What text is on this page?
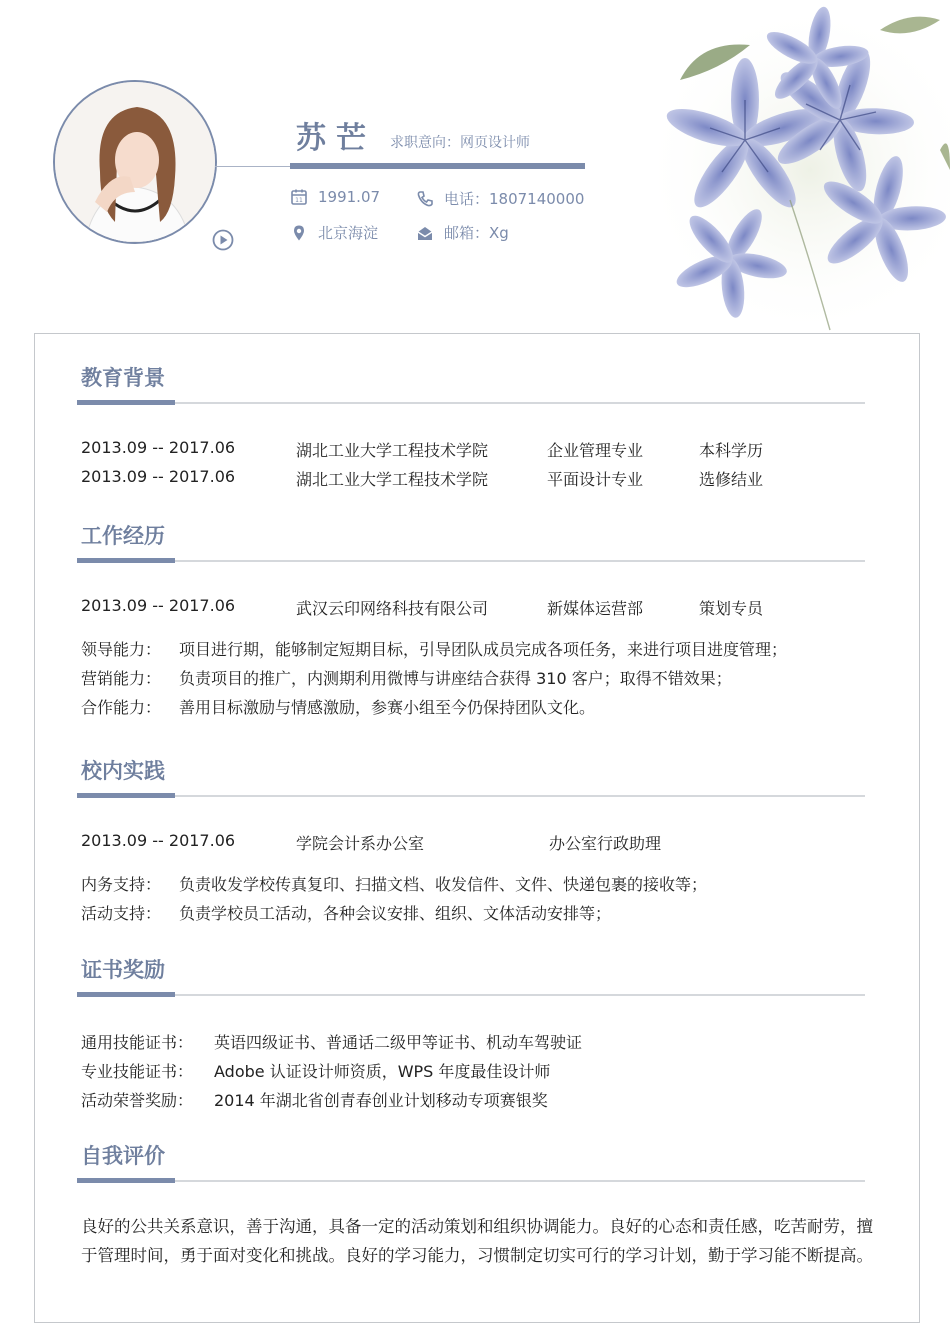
苏芒 求职意向：网页设计师
11 1991.07	电话：1807140000
北京海淀	邮箱：Xg
教育背景
2013.09 -- 2017.06	湖北工业大学工程技术学院	企业管理专业	本科学历
2013.09 -- 2017.06	湖北工业大学工程技术学院	平面设计专业	选修结业
工作经历
2013.09 -- 2017.06	武汉云印网络科技有限公司	新媒体运营部	策划专员
领导能力： 项目进行期，能够制定短期目标，引导团队成员完成各项任务，来进行项目进度管理；
营销能力： 负责项目的推广，内测期利用微博与讲座结合获得 310 客户；取得不错效果；
合作能力： 善用目标激励与情感激励，参赛小组至今仍保持团队文化。
校内实践
2013.09 -- 2017.06	学院会计系办公室	办公室行政助理
内务支持： 负责收发学校传真复印、扫描文档、收发信件、文件、快递包裹的接收等；
活动支持： 负责学校员工活动，各种会议安排、组织、文体活动安排等；
证书奖励
通用技能证书： 英语四级证书、普通话二级甲等证书、机动车驾驶证
专业技能证书： Adobe 认证设计师资质，WPS 年度最佳设计师
活动荣誉奖励： 2014 年湖北省创青春创业计划移动专项赛银奖
自我评价
良好的公共关系意识，善于沟通，具备一定的活动策划和组织协调能力。良好的心态和责任感，吃苦耐劳，擅于管理时间，勇于面对变化和挑战。良好的学习能力，习惯制定切实可行的学习计划，勤于学习能不断提高。
